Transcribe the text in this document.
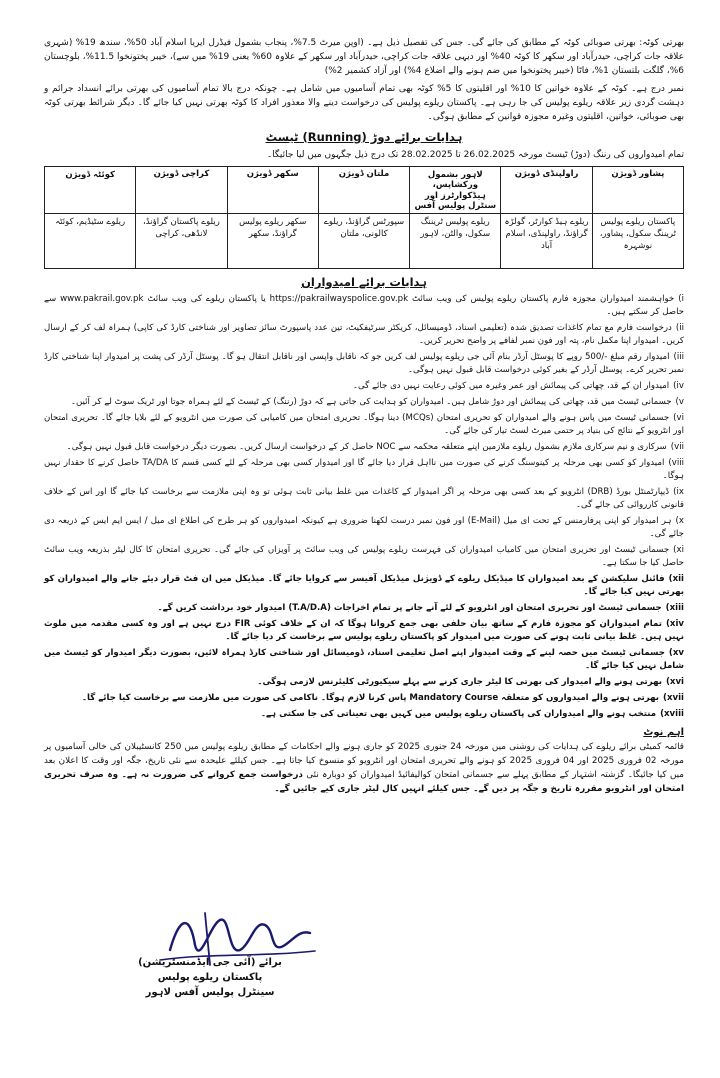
بھرتی کوٹہ: بھرتی صوبائی کوٹہ کے مطابق کی جائے گی۔ جس کی تفصیل ذیل ہے۔ (اوپن میرٹ 7.5%، پنجاب بشمول فیڈرل ایریا اسلام آباد 50%، سندھ 19% (شہری علاقہ جات کراچی، حیدرآباد اور سکھر کا کوٹہ 40% اور دیہی علاقہ جات کراچی، حیدرآباد اور سکھر کے علاوہ 60% یعنی 19% میں سے)، خیبر پختونخوا 11.5%، بلوچستان 6%، گلگت بلتستان 1%، فاٹا (خیبر پختونخوا میں ضم ہونے والے اضلاع 4%) اور آزاد کشمیر 2%)

نمبر درج ہے۔ کوٹہ کے علاوہ خواتین کا 10% اور اقلیتوں کا 5% کوٹہ بھی تمام آسامیوں میں شامل ہے۔ چونکہ درج بالا تمام آسامیوں کی بھرتی برائے انسداد جرائم و دہشت گردی زیر علاقہ ریلوے پولیس کی جا رہی ہے۔ پاکستان ریلوے پولیس کی درخواست دینے والا معذور افراد کا کوٹہ بھرتی نہیں کیا جائے گا۔ دیگر شرائط بھرتی کوٹہ بھی صوبائی، خواتین، اقلیتوں وغیرہ مجوزہ قوانین کے مطابق ہوگی۔

ہدایات برائے دوڑ (Running) ٹیسٹ
تمام امیدواروں کی رننگ (دوڑ) ٹیسٹ مورخہ 26.02.2025 تا 28.02.2025 تک درج ذیل جگہوں میں لیا جائیگا۔
پشاور ڈویژن	راولپنڈی ڈویژن	لاہور بشمول ورکشاپس، ہیڈکوارٹرز اور سنٹرل پولیس آفس	ملتان ڈویژن	سکھر ڈویژن	کراچی ڈویژن	کوئٹہ ڈویژن
پاکستان ریلوے پولیس ٹریننگ سکول، پشاور، نوشہرہ	ریلوے ہیڈ کوارٹر، گولڑہ گراؤنڈ، راولپنڈی، اسلام آباد	ریلوے پولیس ٹریننگ سکول، والٹن، لاہور	سپورٹس گراؤنڈ، ریلوے کالونی، ملتان	سکھر ریلوے پولیس گراؤنڈ، سکھر	ریلوے پاکستان گراؤنڈ، لانڈھی، کراچی	ریلوے سٹیڈیم، کوئٹہ
ہدایات برائے امیدواران
i)خواہشمند امیدواران مجوزہ فارم پاکستان ریلوے پولیس کی ویب سائٹ https://pakrailwayspolice.gov.pk یا پاکستان ریلوے کی ویب سائٹ www.pakrail.gov.pk سے حاصل کر سکتے ہیں۔
ii)درخواست فارم مع تمام کاغذات تصدیق شدہ (تعلیمی اسناد، ڈومیسائل، کریکٹر سرٹیفکیٹ، تین عدد پاسپورٹ سائز تصاویر اور شناختی کارڈ کی کاپی) ہمراہ لف کر کے ارسال کریں۔ امیدوار اپنا مکمل نام، پتہ اور فون نمبر لفافے پر واضح تحریر کریں۔
iii)امیدوار رقم مبلغ -/500 روپے کا پوسٹل آرڈر بنام آئی جی ریلوے پولیس لف کریں جو کہ ناقابل واپسی اور ناقابل انتقال ہو گا۔ پوسٹل آرڈر کی پشت پر امیدوار اپنا شناختی کارڈ نمبر تحریر کرے۔ پوسٹل آرڈر کے بغیر کوئی درخواست قابل قبول نہیں ہوگی۔
iv)امیدوار ان کے قد، چھاتی کی پیمائش اور عمر وغیرہ میں کوئی رعایت نہیں دی جائے گی۔
v)جسمانی ٹیسٹ میں قد، چھاتی کی پیمائش اور دوڑ شامل ہیں۔ امیدواران کو ہدایت کی جاتی ہے کہ دوڑ (رننگ) کے ٹیسٹ کے لئے ہمراہ جوتا اور ٹریک سوٹ لے کر آئیں۔
vi)جسمانی ٹیسٹ میں پاس ہونے والے امیدواران کو تحریری امتحان (MCQs) دینا ہوگا۔ تحریری امتحان میں کامیابی کی صورت میں انٹرویو کے لئے بلایا جائے گا۔ تحریری امتحان اور انٹرویو کے نتائج کی بنیاد پر حتمی میرٹ لسٹ تیار کی جائے گی۔
vii)سرکاری و نیم سرکاری ملازم بشمول ریلوے ملازمین اپنے متعلقہ محکمہ سے NOC حاصل کر کے درخواست ارسال کریں۔ بصورت دیگر درخواست قابل قبول نہیں ہوگی۔
viii)امیدوار کو کسی بھی مرحلہ پر کینوسنگ کرنے کی صورت میں نااہل قرار دیا جائے گا اور امیدوار کسی بھی مرحلہ کے لئے کسی قسم کا TA/DA حاصل کرنے کا حقدار نہیں ہوگا۔
ix)ڈیپارٹمنٹل بورڈ (DRB) انٹرویو کے بعد کسی بھی مرحلہ پر اگر امیدوار کے کاغذات میں غلط بیانی ثابت ہوئی تو وہ اپنی ملازمت سے برخاست کیا جائے گا اور اس کے خلاف قانونی کارروائی کی جائے گی۔
x)ہر امیدوار کو اپنی پرفارمنس کے تحت ای میل (E-Mail) اور فون نمبر درست لکھنا ضروری ہے کیونکہ امیدواروں کو ہر طرح کی اطلاع ای میل / ایس ایم ایس کے ذریعہ دی جائے گی۔
xi)جسمانی ٹیسٹ اور تحریری امتحان میں کامیاب امیدواران کی فہرست ریلوے پولیس کی ویب سائٹ پر آویزاں کی جائے گی۔ تحریری امتحان کا کال لیٹر بذریعہ ویب سائٹ حاصل کیا جا سکتا ہے۔
xii)فائنل سلیکشن کے بعد امیدواران کا میڈیکل ریلوے کے ڈویژنل میڈیکل آفیسر سے کروایا جائے گا۔ میڈیکل میں ان فٹ قرار دیئے جانے والے امیدواران کو بھرتی نہیں کیا جائے گا۔
xiii)جسمانی ٹیسٹ اور تحریری امتحان اور انٹرویو کے لئے آنے جانے پر تمام اخراجات (T.A/D.A) امیدوار خود برداشت کریں گے۔
xiv)تمام امیدواران کو مجوزہ فارم کے ساتھ بیان حلفی بھی جمع کروانا ہوگا کہ ان کے خلاف کوئی FIR درج نہیں ہے اور وہ کسی مقدمہ میں ملوث نہیں ہیں۔ غلط بیانی ثابت ہونے کی صورت میں امیدوار کو پاکستان ریلوے پولیس سے برخاست کر دیا جائے گا۔
xv)جسمانی ٹیسٹ میں حصہ لینے کے وقت امیدوار اپنے اصل تعلیمی اسناد، ڈومیسائل اور شناختی کارڈ ہمراہ لائیں، بصورت دیگر امیدوار کو ٹیسٹ میں شامل نہیں کیا جائے گا۔
xvi)بھرتی ہونے والے امیدوار کی بھرتی کا لیٹر جاری کرنے سے پہلے سیکیورٹی کلیئرنس لازمی ہوگی۔
xvii)بھرتی ہونے والے امیدواروں کو متعلقہ Mandatory Course پاس کرنا لازم ہوگا۔ ناکامی کی صورت میں ملازمت سے برخاست کیا جائے گا۔
xviii)منتخب ہونے والے امیدواران کی پاکستان ریلوے پولیس میں کہیں بھی تعیناتی کی جا سکتی ہے۔
اہم نوٹ
قائمہ کمیٹی برائے ریلوے کی ہدایات کی روشنی میں مورخہ 24 جنوری 2025 کو جاری ہونے والے احکامات کے مطابق ریلوے پولیس میں 250 کانسٹیبلان کی خالی آسامیوں پر مورخہ 02 فروری 2025 اور 04 فروری 2025 کو ہونے والے تحریری امتحان اور انٹرویو کو منسوخ کیا جاتا ہے۔ جس کیلئے علیحدہ سے نئی تاریخ، جگہ اور وقت کا اعلان بعد میں کیا جائیگا۔ گزشتہ اشتہار کے مطابق پہلے سے جسمانی امتحان کوالیفائیڈ امیدواران کو دوبارہ نئی درخواست جمع کروانے کی ضرورت نہ ہے۔ وہ صرف تحریری امتحان اور انٹرویو مقررہ تاریخ و جگہ پر دیں گے۔ جس کیلئے انہیں کال لیٹر جاری کیے جائیں گے۔
برائے (آئی جی ایڈمنسٹریشن)
پاکستان ریلوے پولیس
سینٹرل پولیس آفس لاہور
